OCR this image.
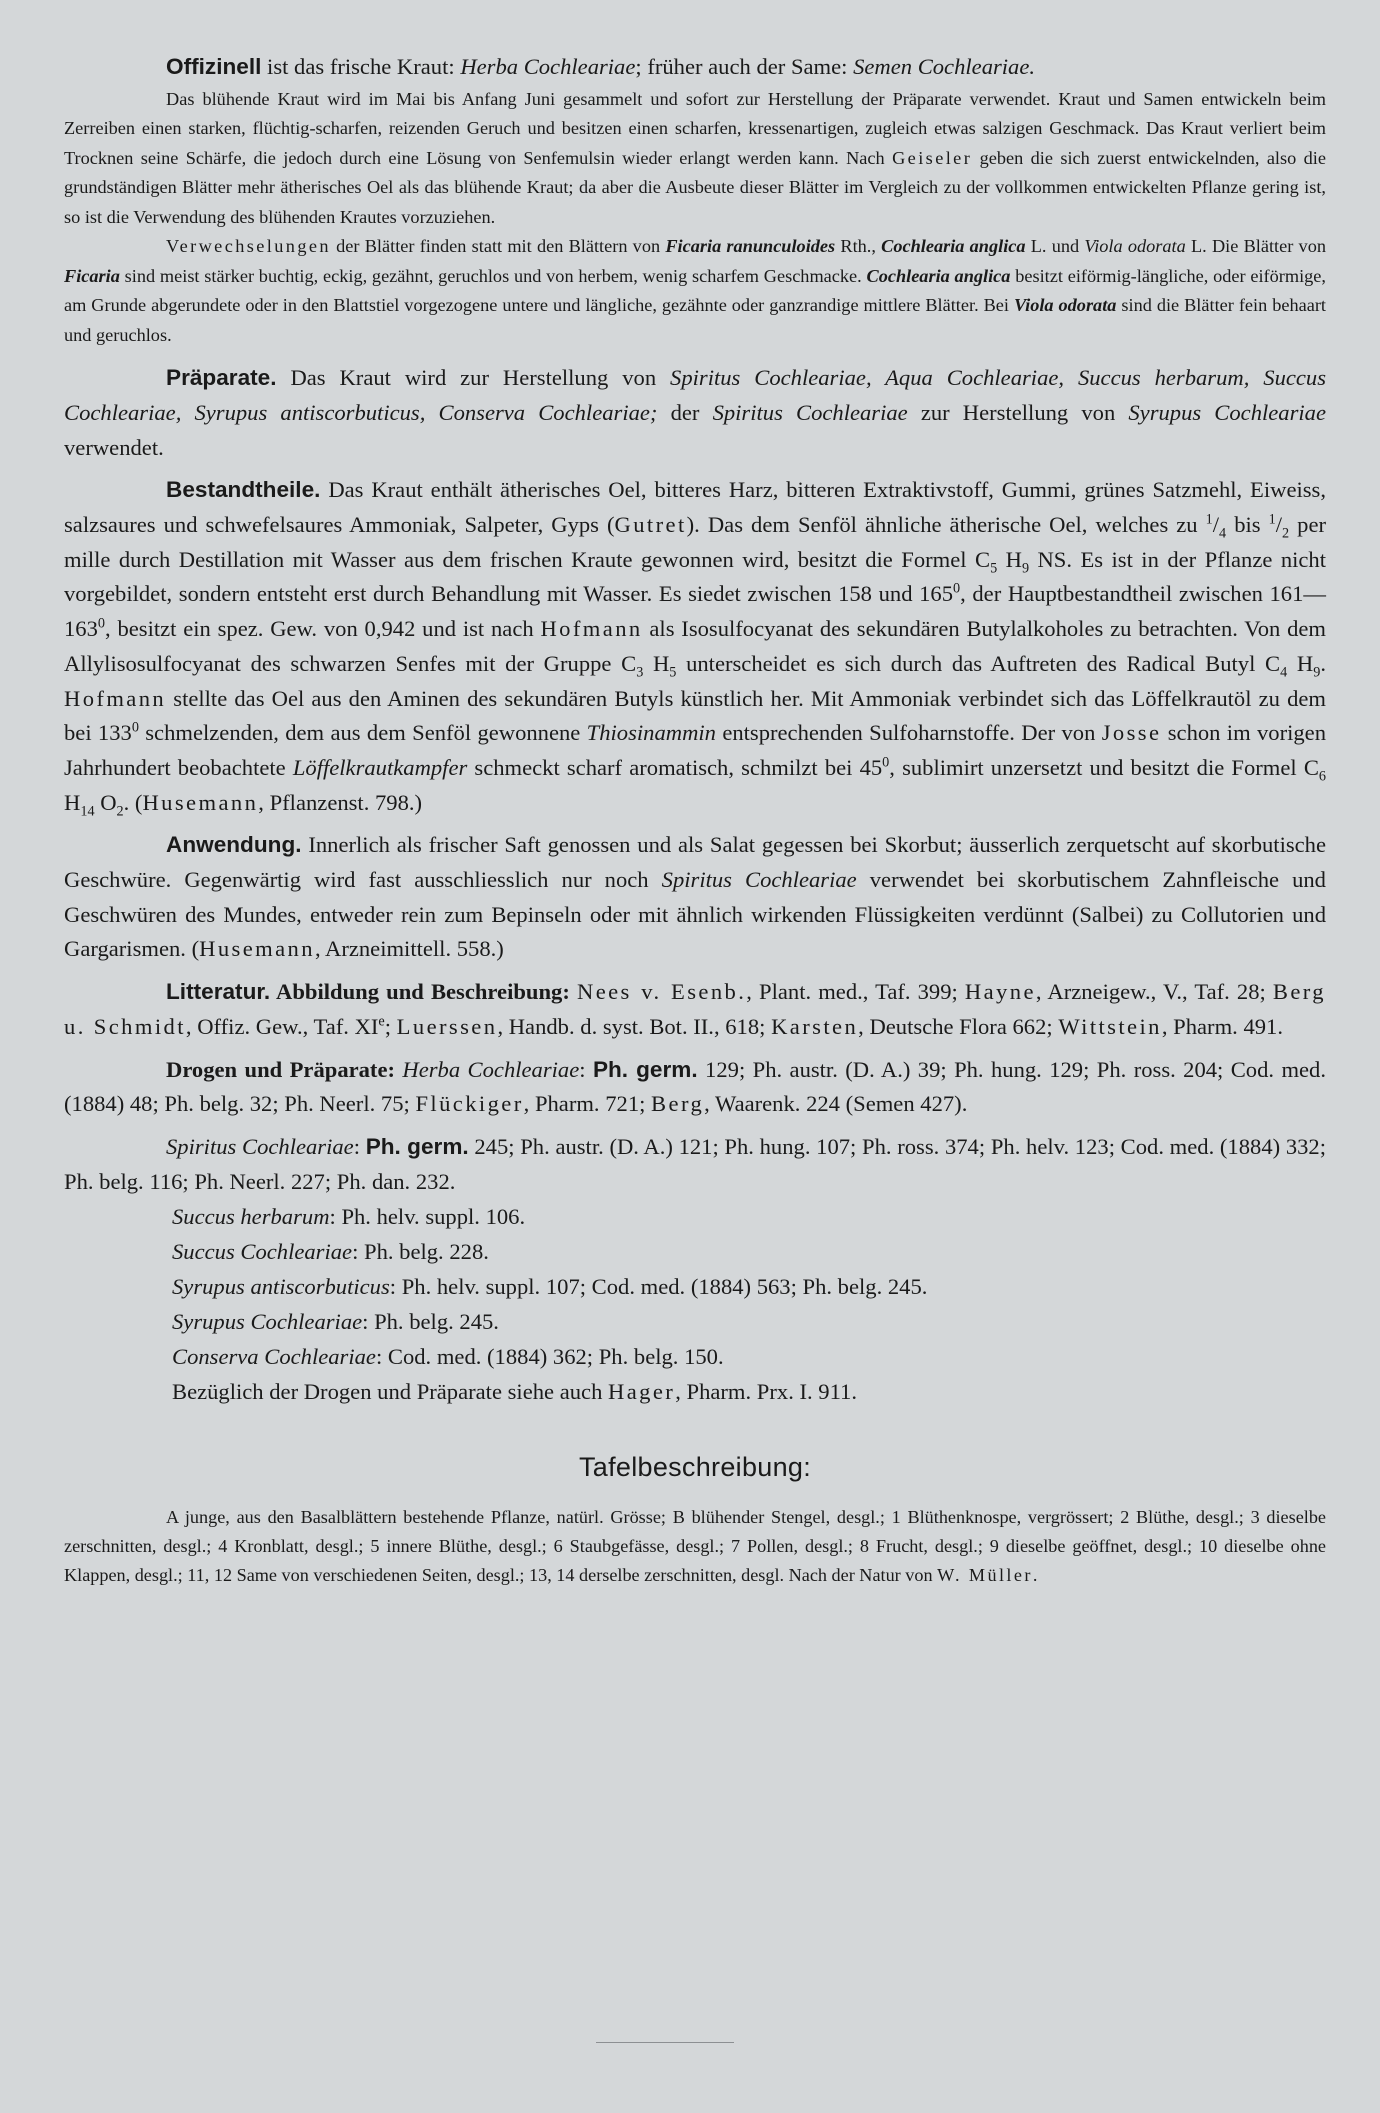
Offizinell ist das frische Kraut: Herba Cochleariae; früher auch der Same: Semen Cochleariae.

Das blühende Kraut wird im Mai bis Anfang Juni gesammelt und sofort zur Herstellung der Präparate verwendet. Kraut und Samen entwickeln beim Zerreiben einen starken, flüchtig-scharfen, reizenden Geruch und besitzen einen scharfen, kressenartigen, zugleich etwas salzigen Geschmack. Das Kraut verliert beim Trocknen seine Schärfe, die jedoch durch eine Lösung von Senfemulsin wieder erlangt werden kann. Nach Geiseler geben die sich zuerst entwickelnden, also die grundständigen Blätter mehr ätherisches Oel als das blühende Kraut; da aber die Ausbeute dieser Blätter im Vergleich zu der vollkommen entwickelten Pflanze gering ist, so ist die Verwendung des blühenden Krautes vorzuziehen.

Verwechselungen der Blätter finden statt mit den Blättern von Ficaria ranunculoides Rth., Cochlearia anglica L. und Viola odorata L. Die Blätter von Ficaria sind meist stärker buchtig, eckig, gezähnt, geruchlos und von herbem, wenig scharfem Geschmacke. Cochlearia anglica besitzt eiförmig-längliche, oder eiförmige, am Grunde abgerundete oder in den Blattstiel vorgezogene untere und längliche, gezähnte oder ganzrandige mittlere Blätter. Bei Viola odorata sind die Blätter fein behaart und geruchlos.

Präparate. Das Kraut wird zur Herstellung von Spiritus Cochleariae, Aqua Cochleariae, Succus herbarum, Succus Cochleariae, Syrupus antiscorbuticus, Conserva Cochleariae; der Spiritus Cochleariae zur Herstellung von Syrupus Cochleariae verwendet.

Bestandtheile. Das Kraut enthält ätherisches Oel, bitteres Harz, bitteren Extraktivstoff, Gummi, grünes Satzmehl, Eiweiss, salzsaures und schwefelsaures Ammoniak, Salpeter, Gyps (Gutret). Das dem Senföl ähnliche ätherische Oel, welches zu $^1/_4$ bis $^1/_2$ per mille durch Destillation mit Wasser aus dem frischen Kraute gewonnen wird, besitzt die Formel $C_5$ $H_9$ NS. Es ist in der Pflanze nicht vorgebildet, sondern entsteht erst durch Behandlung mit Wasser. Es siedet zwischen 158 und $165^0$, der Hauptbestandtheil zwischen $161—163^0$, besitzt ein spez. Gew. von 0,942 und ist nach Hofmann als Isosulfocyanat des sekundären Butylalkoholes zu betrachten. Von dem Allylisosulfocyanat des schwarzen Senfes mit der Gruppe $C_3$ $H_5$ unterscheidet es sich durch das Auftreten des Radical Butyl $C_4$ $H_9$. Hofmann stellte das Oel aus den Aminen des sekundären Butyls künstlich her. Mit Ammoniak verbindet sich das Löffelkrautöl zu dem bei $133^0$ schmelzenden, dem aus dem Senföl gewonnene Thiosinammin entsprechenden Sulfoharnstoffe. Der von Josse schon im vorigen Jahrhundert beobachtete Löffelkrautkampfer schmeckt scharf aromatisch, schmilzt bei $45^0$, sublimirt unzersetzt und besitzt die Formel $C_6$ $H_{14}$ $O_2$. (Husemann, Pflanzenst. 798.)

Anwendung. Innerlich als frischer Saft genossen und als Salat gegessen bei Skorbut; äusserlich zerquetscht auf skorbutische Geschwüre. Gegenwärtig wird fast ausschliesslich nur noch Spiritus Cochleariae verwendet bei skorbutischem Zahnfleische und Geschwüren des Mundes, entweder rein zum Bepinseln oder mit ähnlich wirkenden Flüssigkeiten verdünnt (Salbei) zu Collutorien und Gargarismen. (Husemann, Arzneimittell. 558.)

Litteratur. Abbildung und Beschreibung: Nees v. Esenb., Plant. med., Taf. 399; Hayne, Arzneigew., V., Taf. 28; Berg u. Schmidt, Offiz. Gew., Taf. XIe; Luerssen, Handb. d. syst. Bot. II., 618; Karsten, Deutsche Flora 662; Wittstein, Pharm. 491.

Drogen und Präparate: Herba Cochleariae: Ph. germ. 129; Ph. austr. (D. A.) 39; Ph. hung. 129; Ph. ross. 204; Cod. med. (1884) 48; Ph. belg. 32; Ph. Neerl. 75; Flückiger, Pharm. 721; Berg, Waarenk. 224 (Semen 427).

Spiritus Cochleariae: Ph. germ. 245; Ph. austr. (D. A.) 121; Ph. hung. 107; Ph. ross. 374; Ph. helv. 123; Cod. med. (1884) 332; Ph. belg. 116; Ph. Neerl. 227; Ph. dan. 232.

Succus herbarum: Ph. helv. suppl. 106.
Succus Cochleariae: Ph. belg. 228.
Syrupus antiscorbuticus: Ph. helv. suppl. 107; Cod. med. (1884) 563; Ph. belg. 245.
Syrupus Cochleariae: Ph. belg. 245.
Conserva Cochleariae: Cod. med. (1884) 362; Ph. belg. 150.
Bezüglich der Drogen und Präparate siehe auch Hager, Pharm. Prx. I. 911.
Tafelbeschreibung:

A junge, aus den Basalblättern bestehende Pflanze, natürl. Grösse; B blühender Stengel, desgl.; 1 Blüthenknospe, vergrössert; 2 Blüthe, desgl.; 3 dieselbe zerschnitten, desgl.; 4 Kronblatt, desgl.; 5 innere Blüthe, desgl.; 6 Staubgefässe, desgl.; 7 Pollen, desgl.; 8 Frucht, desgl.; 9 dieselbe geöffnet, desgl.; 10 dieselbe ohne Klappen, desgl.; 11, 12 Same von verschiedenen Seiten, desgl.; 13, 14 derselbe zerschnitten, desgl. Nach der Natur von W. Müller.
